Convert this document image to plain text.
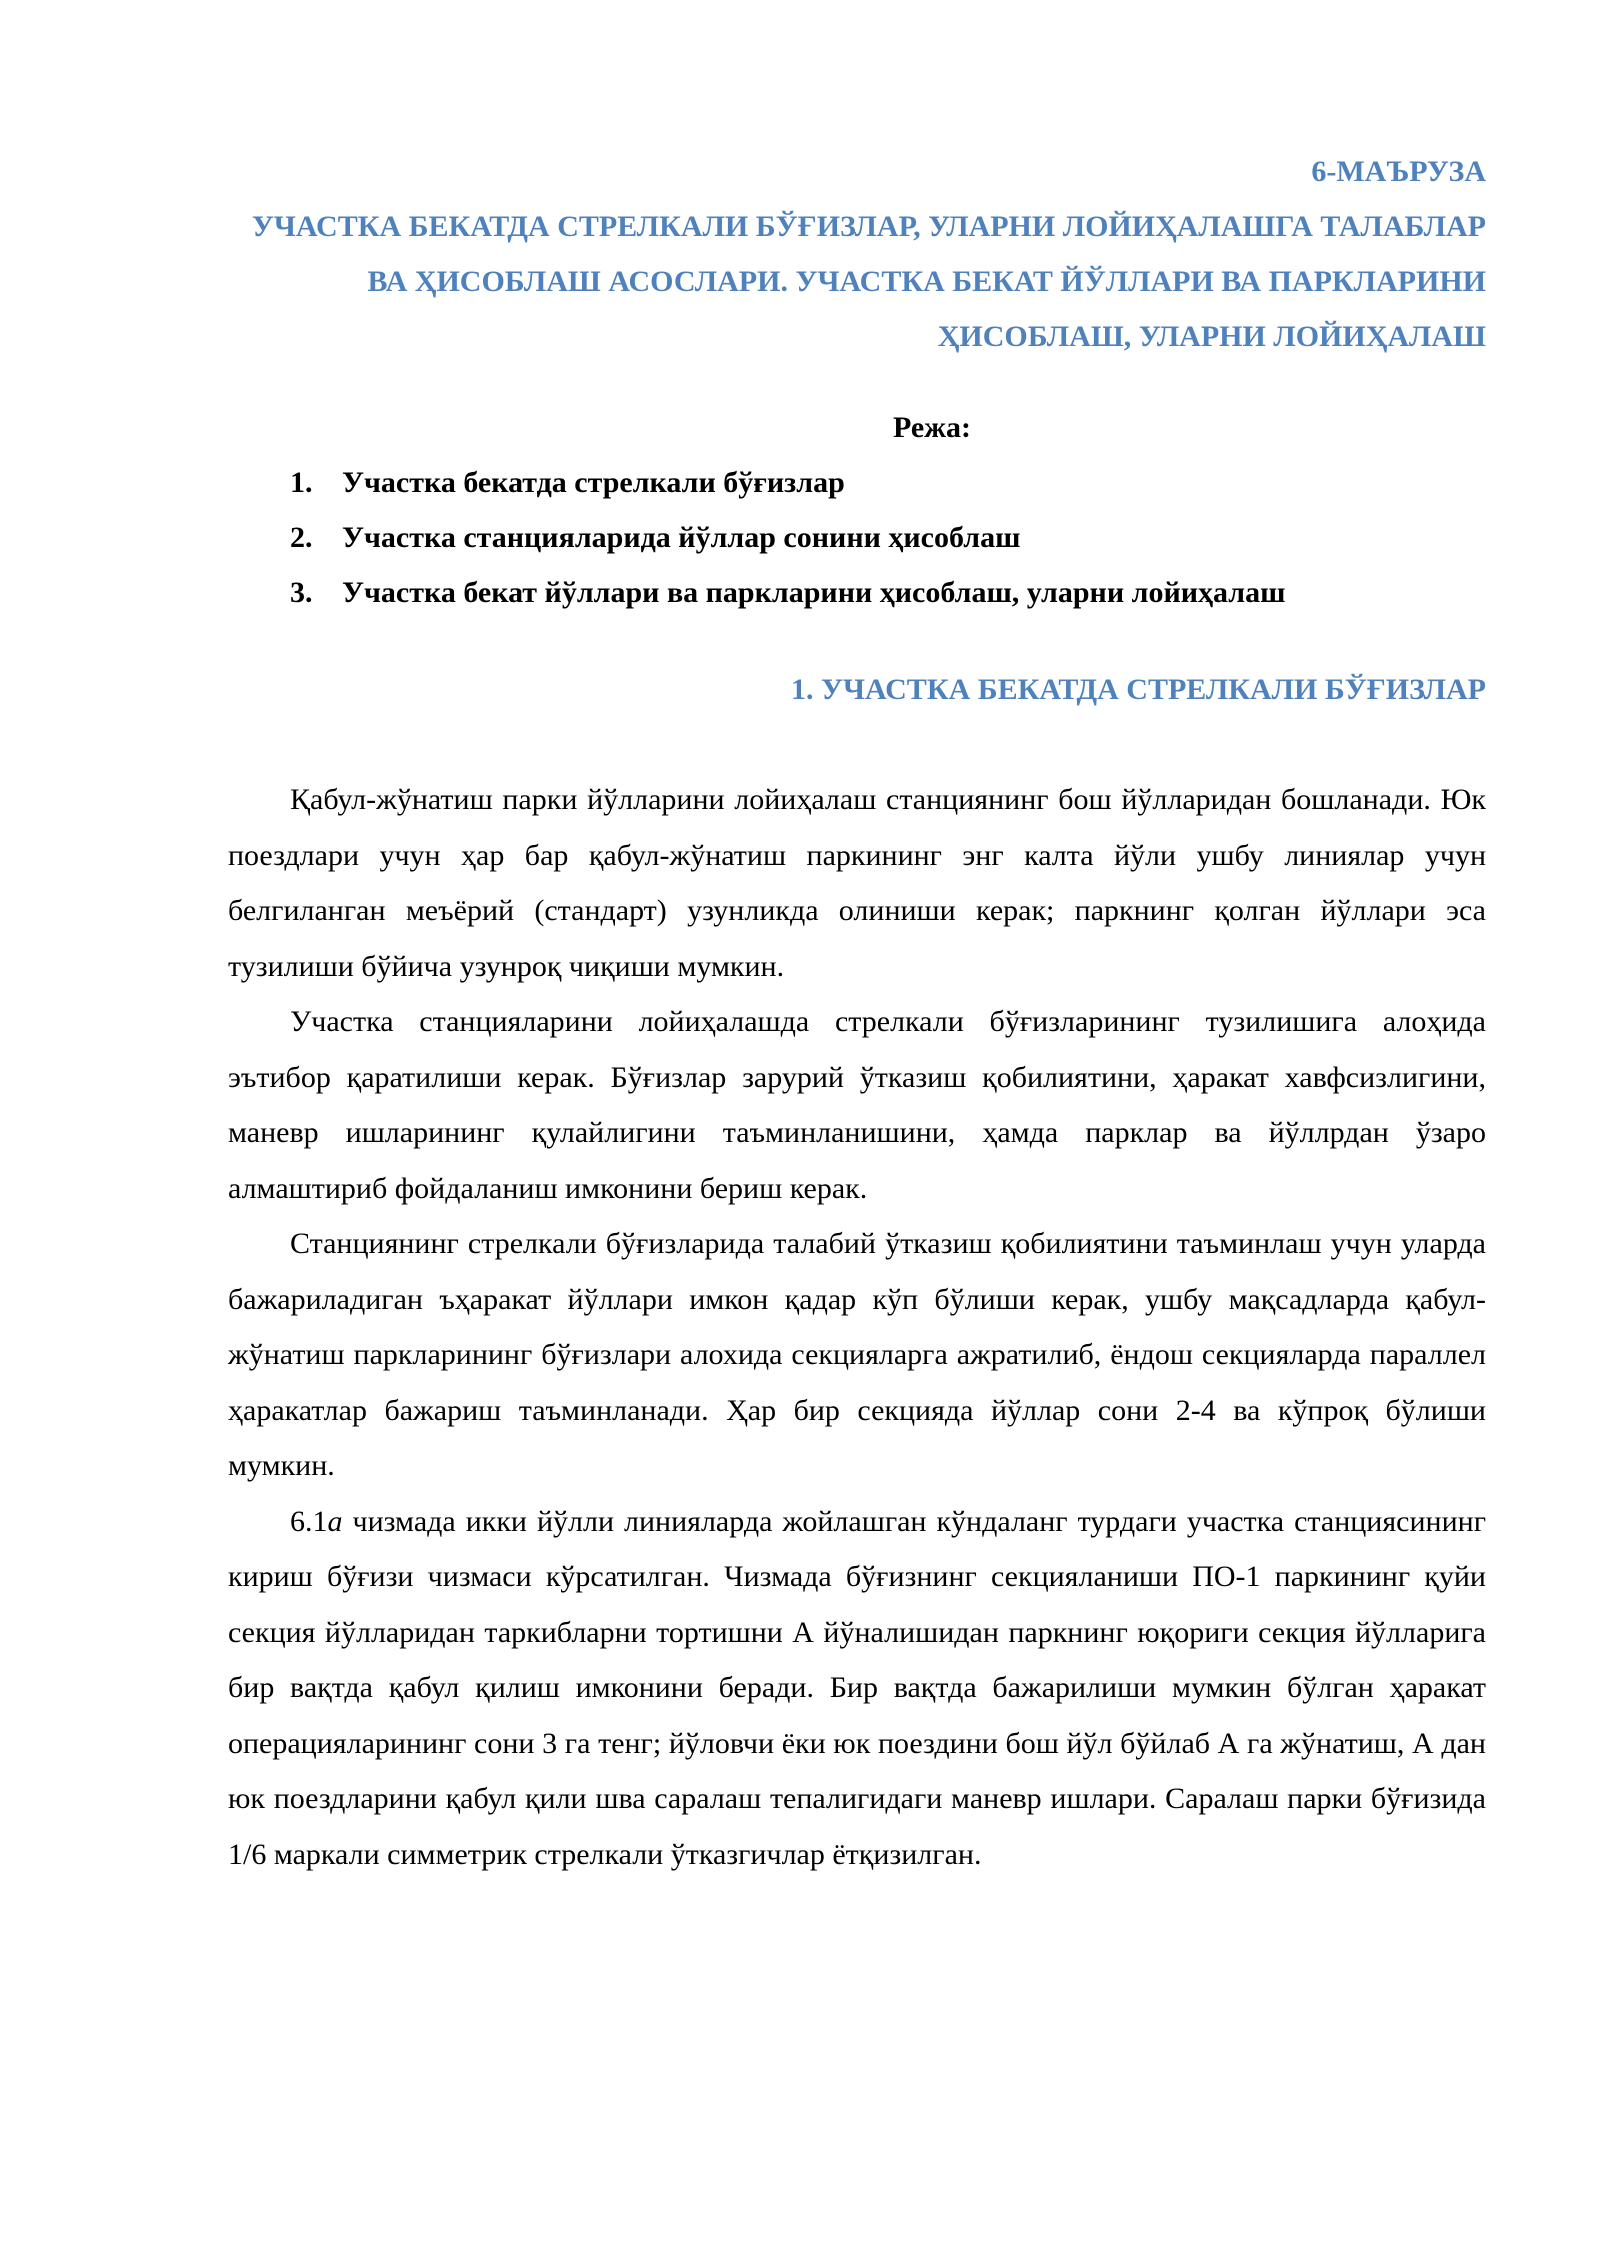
6-МАЪРУЗА
УЧАСТКА БЕКАТДА СТРЕЛКАЛИ БЎҒИЗЛАР, УЛАРНИ ЛОЙИҲАЛАШГА ТАЛАБЛАР ВА ҲИСОБЛАШ АСОСЛАРИ. УЧАСТКА БЕКАТ ЙЎЛЛАРИ ВА ПАРКЛАРИНИ ҲИСОБЛАШ, УЛАРНИ ЛОЙИҲАЛАШ
Режа:
1. Участка бекатда стрелкали бўғизлар
2. Участка станцияларида йўллар сонини ҳисоблаш
3. Участка бекат йўллари ва паркларини ҳисоблаш, уларни лойиҳалаш
1. УЧАСТКА БЕКАТДА СТРЕЛКАЛИ БЎҒИЗЛАР

Қабул-жўнатиш парки йўлларини лойиҳалаш станциянинг бош йўлларидан бошланади. Юк поездлари учун ҳар бар қабул-жўнатиш паркининг энг калта йўли ушбу линиялар учун белгиланган меъёрий (стандарт) узунликда олиниши керак; паркнинг қолган йўллари эса тузилиши бўйича узунроқ чиқиши мумкин.

Участка станцияларини лойиҳалашда стрелкали бўғизларининг тузилишига алоҳида эътибор қаратилиши керак. Бўғизлар зарурий ўтказиш қобилиятини, ҳаракат хавфсизлигини, маневр ишларининг қулайлигини таъминланишини, ҳамда парклар ва йўллрдан ўзаро алмаштириб фойдаланиш имконини бериш керак.

Станциянинг стрелкали бўғизларида талабий ўтказиш қобилиятини таъминлаш учун уларда бажариладиган ъҳаракат йўллари имкон қадар кўп бўлиши керак, ушбу мақсадларда қабул-жўнатиш паркларининг бўғизлари алохида секцияларга ажратилиб, ёндош секцияларда параллел ҳаракатлар бажариш таъминланади. Ҳар бир секцияда йўллар сони 2-4 ва кўпроқ бўлиши мумкин.

6.1а чизмада икки йўлли линияларда жойлашган кўндаланг турдаги участка станциясининг кириш бўғизи чизмаси кўрсатилган. Чизмада бўғизнинг секцияланиши ПО-1 паркининг қуйи секция йўлларидан таркибларни тортишни А йўналишидан паркнинг юқориги секция йўлларига бир вақтда қабул қилиш имконини беради. Бир вақтда бажарилиши мумкин бўлган ҳаракат операцияларининг сони 3 га тенг; йўловчи ёки юк поездини бош йўл бўйлаб А га жўнатиш, А дан юк поездларини қабул қили шва саралаш тепалигидаги маневр ишлари. Саралаш парки бўғизида 1/6 маркали симметрик стрелкали ўтказгичлар ётқизилган.
